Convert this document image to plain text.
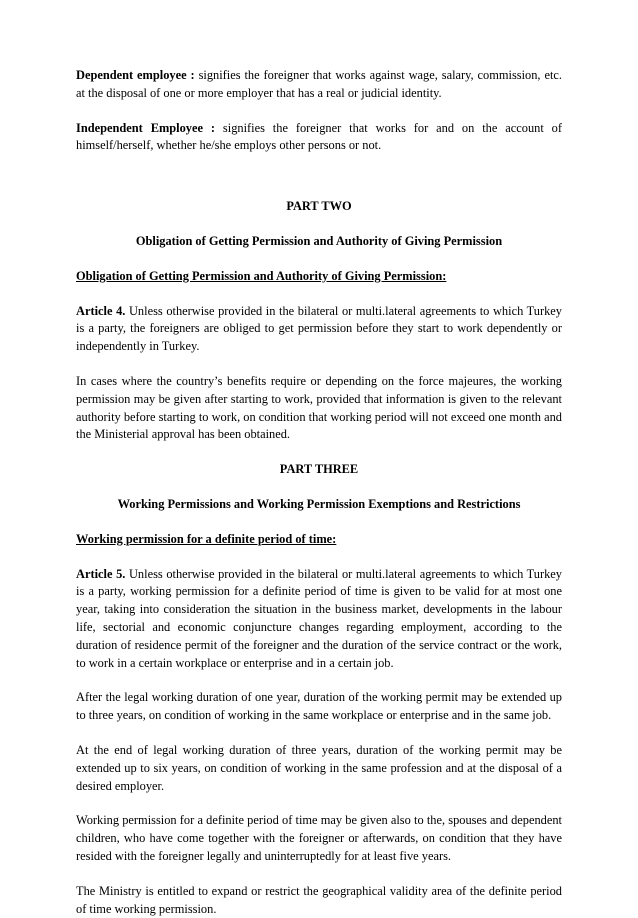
Dependent employee : signifies the foreigner that works against wage, salary, commission, etc. at the disposal of one or more employer that has a real or judicial identity.

Independent Employee : signifies the foreigner that works for and on the account of himself/herself, whether he/she employs other persons or not.

PART TWO

Obligation of Getting Permission and Authority of Giving Permission

Obligation of Getting Permission and Authority of Giving Permission:

Article 4. Unless otherwise provided in the bilateral or multi.lateral agreements to which Turkey is a party, the foreigners are obliged to get permission before they start to work dependently or independently in Turkey.

In cases where the country’s benefits require or depending on the force majeures, the working permission may be given after starting to work, provided that information is given to the relevant authority before starting to work, on condition that working period will not exceed one month and the Ministerial approval has been obtained.

PART THREE

Working Permissions and Working Permission Exemptions and Restrictions

Working permission for a definite period of time:

Article 5. Unless otherwise provided in the bilateral or multi.lateral agreements to which Turkey is a party, working permission for a definite period of time is given to be valid for at most one year, taking into consideration the situation in the business market, developments in the labour life, sectorial and economic conjuncture changes regarding employment, according to the duration of residence permit of the foreigner and the duration of the service contract or the work, to work in a certain workplace or enterprise and in a certain job.

After the legal working duration of one year, duration of the working permit may be extended up to three years, on condition of working in the same workplace or enterprise and in the same job.

At the end of legal working duration of three years, duration of the working permit may be extended up to six years, on condition of working in the same profession and at the disposal of a desired employer.

Working permission for a definite period of time may be given also to the, spouses and dependent children, who have come together with the foreigner or afterwards, on condition that they have resided with the foreigner legally and uninterruptedly for at least five years.

The Ministry is entitled to expand or restrict the geographical validity area of the definite period of time working permission.
